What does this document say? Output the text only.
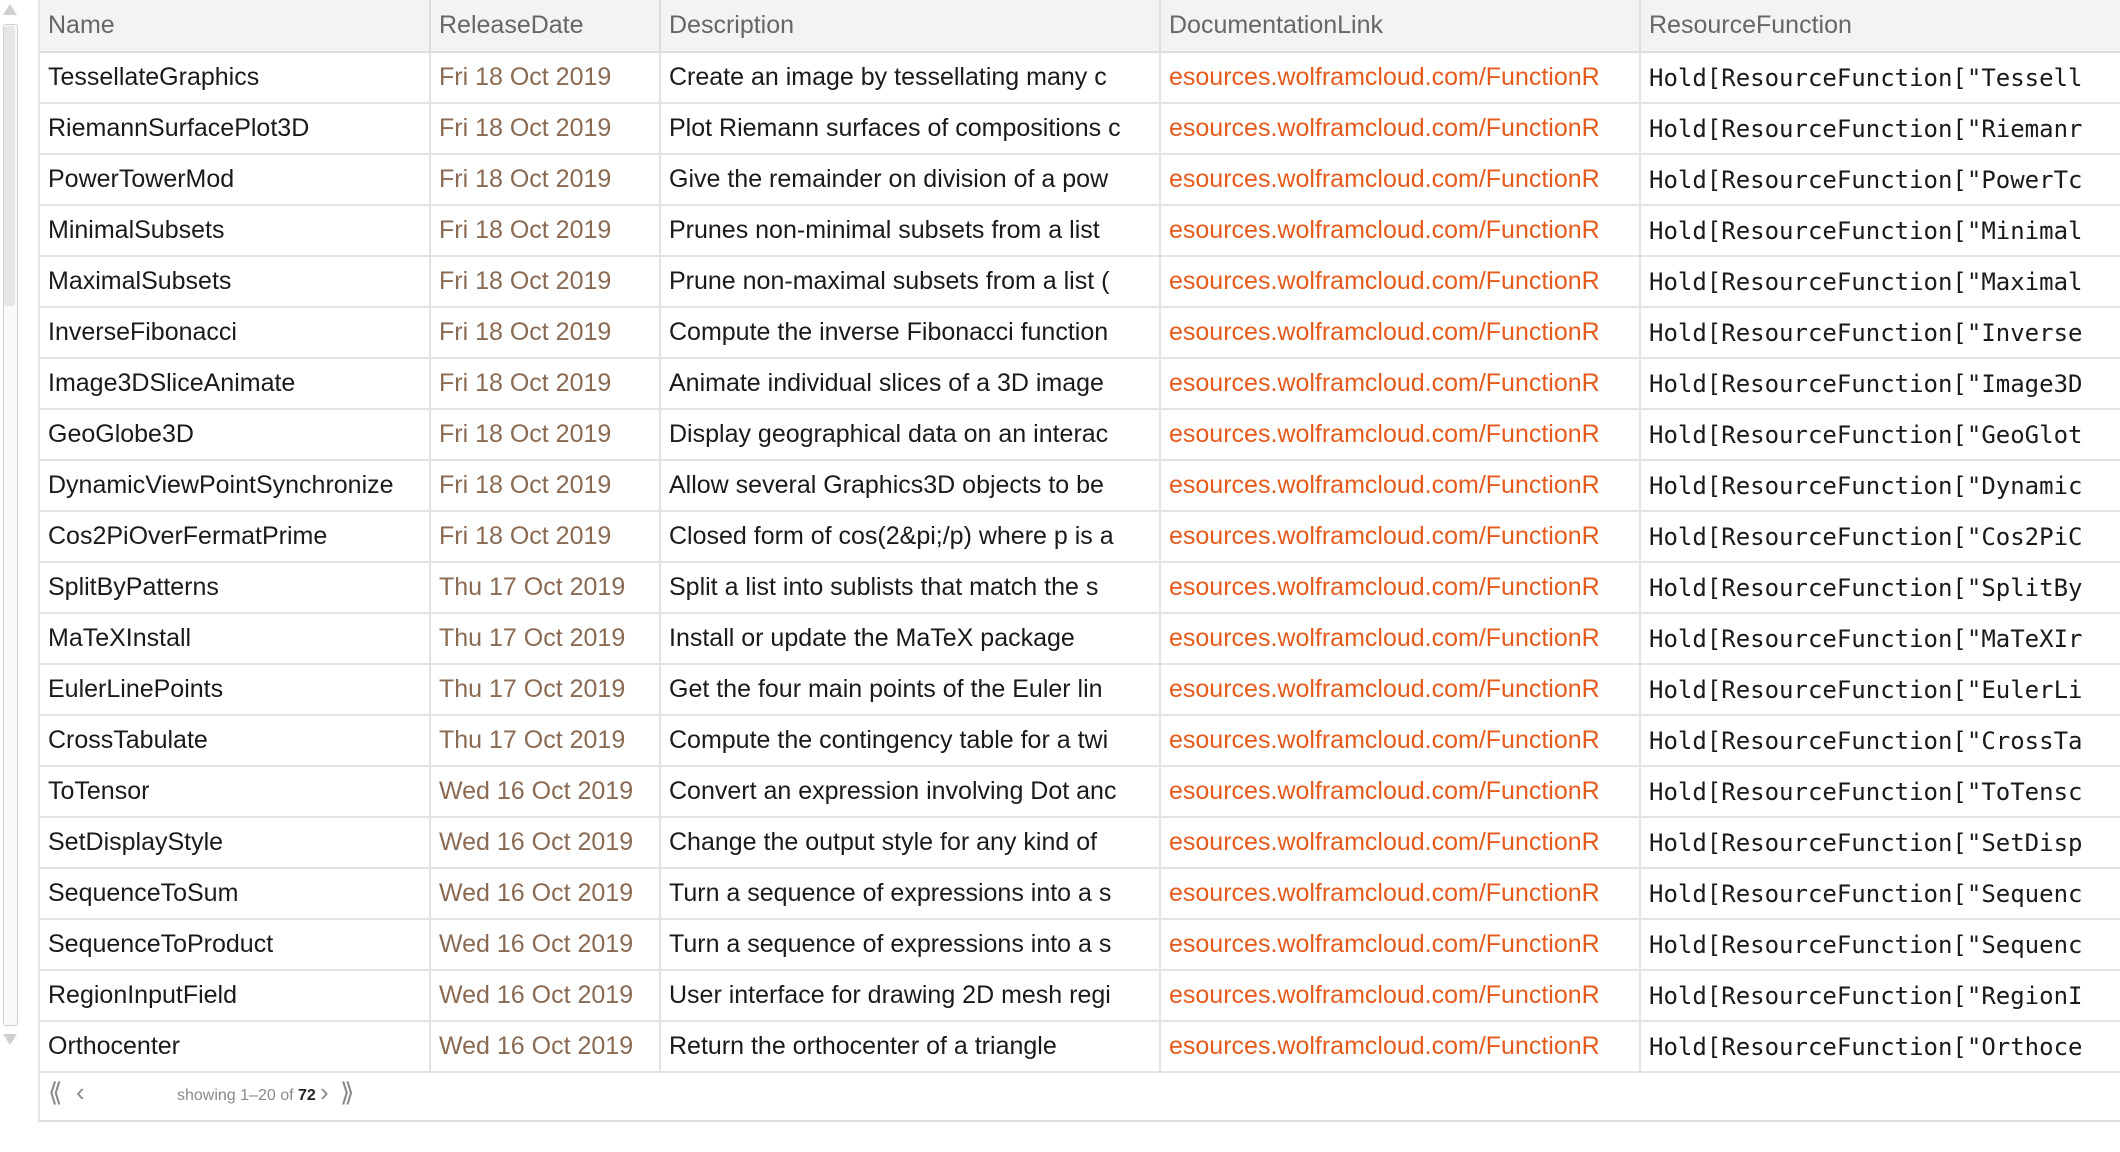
Name	ReleaseDate	Description	DocumentationLink	ResourceFunction
TessellateGraphics	Fri 18 Oct 2019	Create an image by tessellating many c	esources.wolframcloud.com/FunctionR	Hold[ResourceFunction["Tessell
RiemannSurfacePlot3D	Fri 18 Oct 2019	Plot Riemann surfaces of compositions c	esources.wolframcloud.com/FunctionR	Hold[ResourceFunction["Riemanr
PowerTowerMod	Fri 18 Oct 2019	Give the remainder on division of a pow	esources.wolframcloud.com/FunctionR	Hold[ResourceFunction["PowerTc
MinimalSubsets	Fri 18 Oct 2019	Prunes non-minimal subsets from a list	esources.wolframcloud.com/FunctionR	Hold[ResourceFunction["Minimal
MaximalSubsets	Fri 18 Oct 2019	Prune non-maximal subsets from a list (	esources.wolframcloud.com/FunctionR	Hold[ResourceFunction["Maximal
InverseFibonacci	Fri 18 Oct 2019	Compute the inverse Fibonacci function	esources.wolframcloud.com/FunctionR	Hold[ResourceFunction["Inverse
Image3DSliceAnimate	Fri 18 Oct 2019	Animate individual slices of a 3D image	esources.wolframcloud.com/FunctionR	Hold[ResourceFunction["Image3D
GeoGlobe3D	Fri 18 Oct 2019	Display geographical data on an interac	esources.wolframcloud.com/FunctionR	Hold[ResourceFunction["GeoGlot
DynamicViewPointSynchronize	Fri 18 Oct 2019	Allow several Graphics3D objects to be	esources.wolframcloud.com/FunctionR	Hold[ResourceFunction["Dynamic
Cos2PiOverFermatPrime	Fri 18 Oct 2019	Closed form of cos(2&pi;/p) where p is a	esources.wolframcloud.com/FunctionR	Hold[ResourceFunction["Cos2PiC
SplitByPatterns	Thu 17 Oct 2019	Split a list into sublists that match the s	esources.wolframcloud.com/FunctionR	Hold[ResourceFunction["SplitBy
MaTeXInstall	Thu 17 Oct 2019	Install or update the MaTeX package	esources.wolframcloud.com/FunctionR	Hold[ResourceFunction["MaTeXIr
EulerLinePoints	Thu 17 Oct 2019	Get the four main points of the Euler lin	esources.wolframcloud.com/FunctionR	Hold[ResourceFunction["EulerLi
CrossTabulate	Thu 17 Oct 2019	Compute the contingency table for a twi	esources.wolframcloud.com/FunctionR	Hold[ResourceFunction["CrossTa
ToTensor	Wed 16 Oct 2019	Convert an expression involving Dot anc	esources.wolframcloud.com/FunctionR	Hold[ResourceFunction["ToTensc
SetDisplayStyle	Wed 16 Oct 2019	Change the output style for any kind of	esources.wolframcloud.com/FunctionR	Hold[ResourceFunction["SetDisp
SequenceToSum	Wed 16 Oct 2019	Turn a sequence of expressions into a s	esources.wolframcloud.com/FunctionR	Hold[ResourceFunction["Sequenc
SequenceToProduct	Wed 16 Oct 2019	Turn a sequence of expressions into a s	esources.wolframcloud.com/FunctionR	Hold[ResourceFunction["Sequenc
RegionInputField	Wed 16 Oct 2019	User interface for drawing 2D mesh regi	esources.wolframcloud.com/FunctionR	Hold[ResourceFunction["RegionI
Orthocenter	Wed 16 Oct 2019	Return the orthocenter of a triangle	esources.wolframcloud.com/FunctionR	Hold[ResourceFunction["Orthoce
⟪ ‹	showing 1–20 of 72 › ⟫
